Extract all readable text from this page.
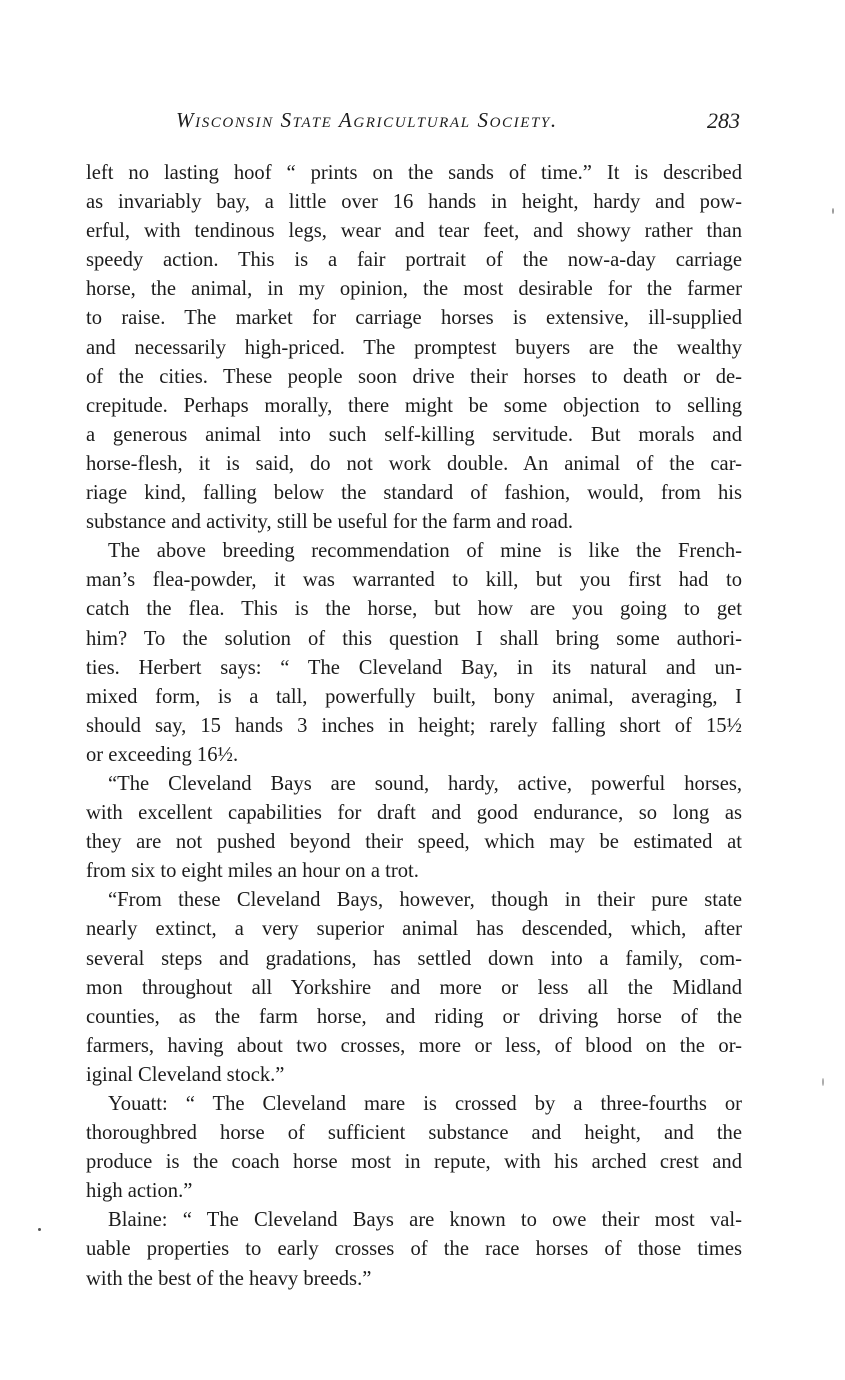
Wisconsin State Agricultural Society.	283
left no lasting hoof “ prints on the sands of time.” It is described
as invariably bay, a little over 16 hands in height, hardy and pow-
erful, with tendinous legs, wear and tear feet, and showy rather than
speedy action. This is a fair portrait of the now-a-day carriage
horse, the animal, in my opinion, the most desirable for the farmer
to raise. The market for carriage horses is extensive, ill-supplied
and necessarily high-priced. The promptest buyers are the wealthy
of the cities. These people soon drive their horses to death or de-
crepitude. Perhaps morally, there might be some objection to selling
a generous animal into such self-killing servitude. But morals and
horse-flesh, it is said, do not work double. An animal of the car-
riage kind, falling below the standard of fashion, would, from his
substance and activity, still be useful for the farm and road.
The above breeding recommendation of mine is like the French-
man’s flea-powder, it was warranted to kill, but you first had to
catch the flea. This is the horse, but how are you going to get
him? To the solution of this question I shall bring some authori-
ties. Herbert says: “ The Cleveland Bay, in its natural and un-
mixed form, is a tall, powerfully built, bony animal, averaging, I
should say, 15 hands 3 inches in height; rarely falling short of 15½
or exceeding 16½.
“The Cleveland Bays are sound, hardy, active, powerful horses,
with excellent capabilities for draft and good endurance, so long as
they are not pushed beyond their speed, which may be estimated at
from six to eight miles an hour on a trot.
“From these Cleveland Bays, however, though in their pure state
nearly extinct, a very superior animal has descended, which, after
several steps and gradations, has settled down into a family, com-
mon throughout all Yorkshire and more or less all the Midland
counties, as the farm horse, and riding or driving horse of the
farmers, having about two crosses, more or less, of blood on the or-
iginal Cleveland stock.”
Youatt: “ The Cleveland mare is crossed by a three-fourths or
thoroughbred horse of sufficient substance and height, and the
produce is the coach horse most in repute, with his arched crest and
high action.”
Blaine: “ The Cleveland Bays are known to owe their most val-
uable properties to early crosses of the race horses of those times
with the best of the heavy breeds.”
